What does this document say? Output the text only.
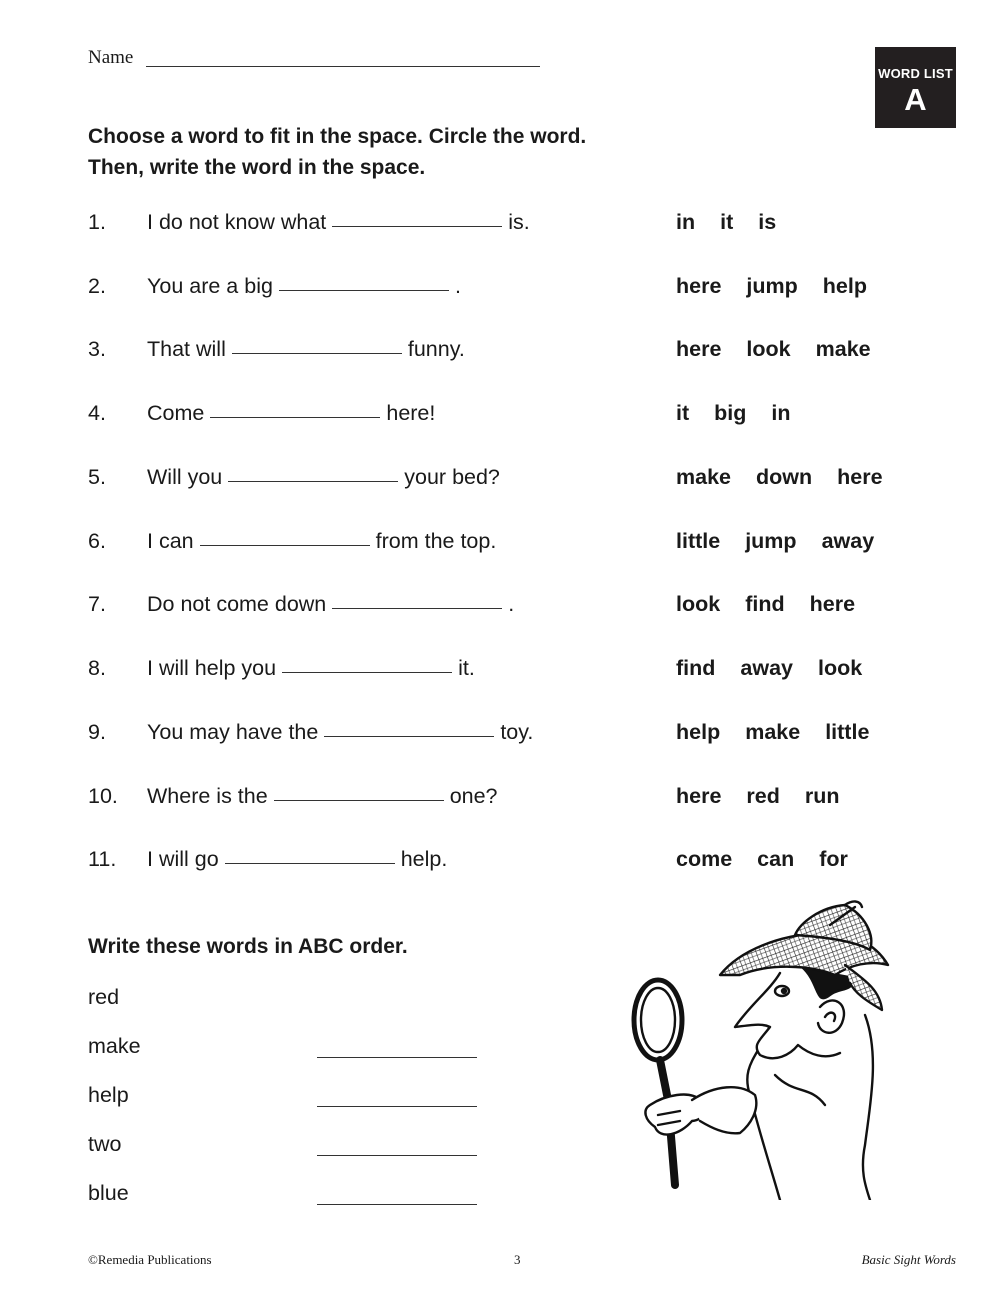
Name
WORD LIST
A
Choose a word to fit in the space. Circle the word.
Then, write the word in the space.
1. I do not know what	is.	in it is
2. You are a big	.	here jump help
3. That will	funny.	here look make
4. Come	here!	it big in
5. Will you	your bed?	make down here
6. I can	from the top.	little jump away
7. Do not come down	.	look find here
8. I will help you	it.	find away look
9. You may have the	toy.	help make little
10. Where is the	one?	here red run
11. I will go	help.	come can for
Write these words in ABC order.
red
make
help
two
blue
©Remedia Publications	3	Basic Sight Words
